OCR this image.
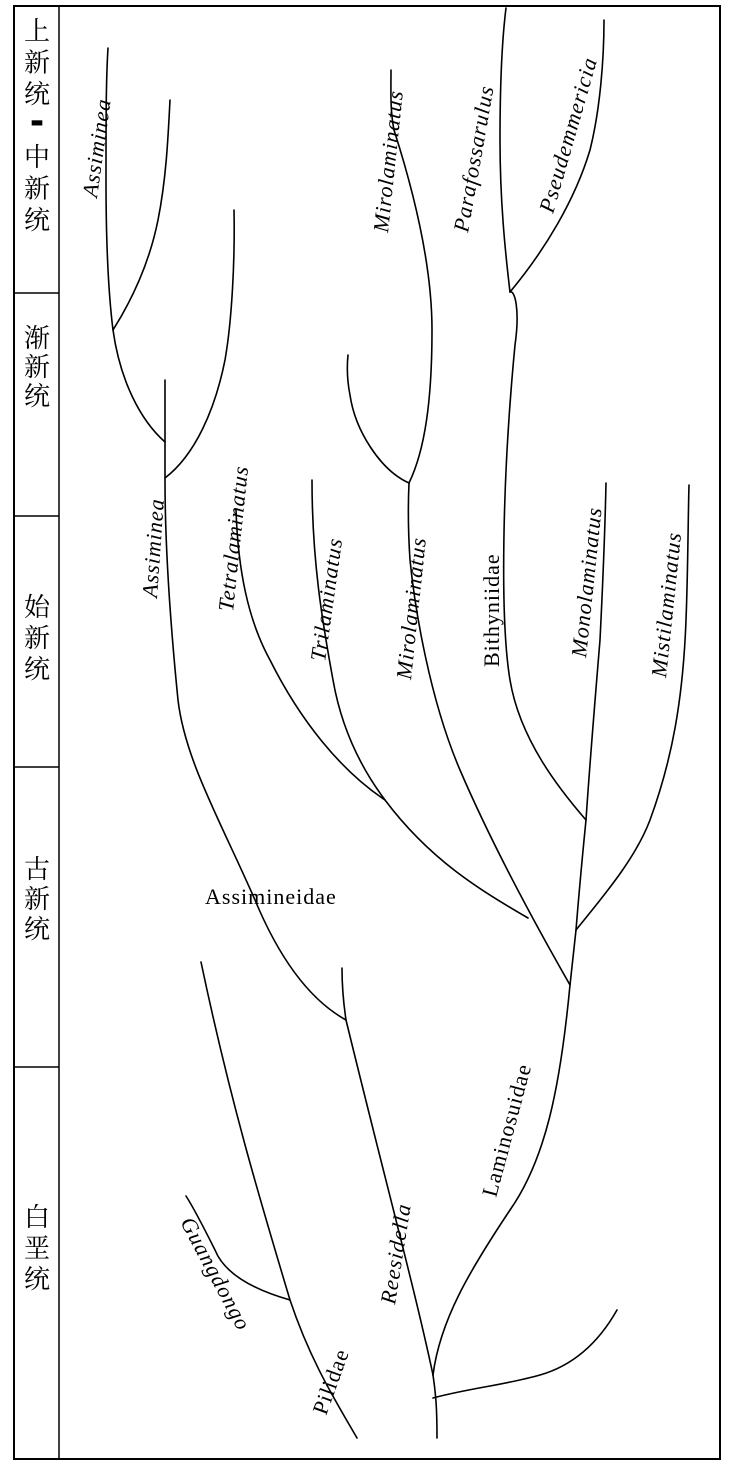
上新统▬中新统
渐新统
始新统
古新统
白垩统
Assiminea	Mirolaminatus Parafossarulus Pseudemmericia
Assiminea Tetralaminatus Trilaminatus Mirolaminatus Bithyniidae	Monolaminatus Mistilaminatus
Assimineidae
Laminosuidae
Reesidella
Guangdongo
Pilidae
